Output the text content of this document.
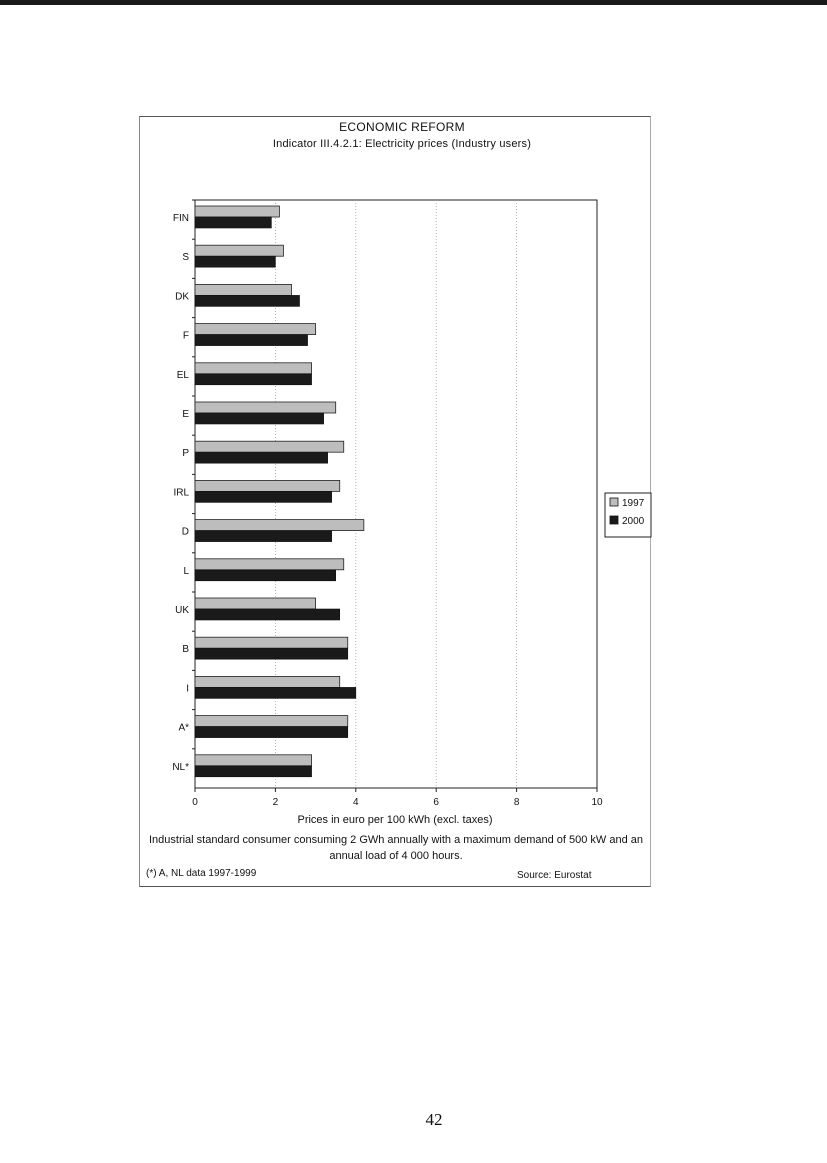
ECONOMIC REFORM
Indicator III.4.2.1: Electricity prices (Industry users)
0	2	4	6	8	10
FIN
S
DK
F
EL
E
P
IRL
D
L
UK
B
I
A*
NL*
1997
2000
Prices in euro per 100 kWh (excl. taxes)
Industrial standard consumer consuming 2 GWh annually with a maximum demand of 500 kW and an annual load of 4 000 hours.
(*) A, NL data 1997-1999	Source: Eurostat
42
